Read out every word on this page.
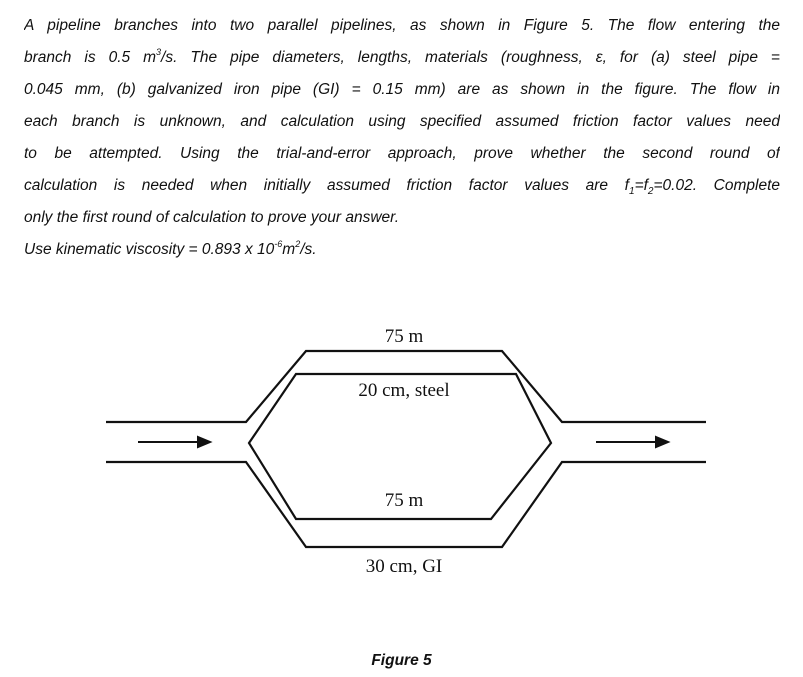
A pipeline branches into two parallel pipelines, as shown in Figure 5. The flow entering the
branch is 0.5 $m^3/s$. The pipe diameters, lengths, materials (roughness, ε, for (a) steel pipe =
0.045 mm, (b) galvanized iron pipe (GI) = 0.15 mm) are as shown in the figure. The flow in
each branch is unknown, and calculation using specified assumed friction factor values need
to be attempted. Using the trial-and-error approach, prove whether the second round of
calculation is needed when initially assumed friction factor values are $f_1=f_2=0.02$. Complete
only the first round of calculation to prove your answer.
Use kinematic viscosity = 0.893 x $10^{-6}m^2/s$.
75 m
20 cm, steel
75 m
30 cm, GI
Figure 5
